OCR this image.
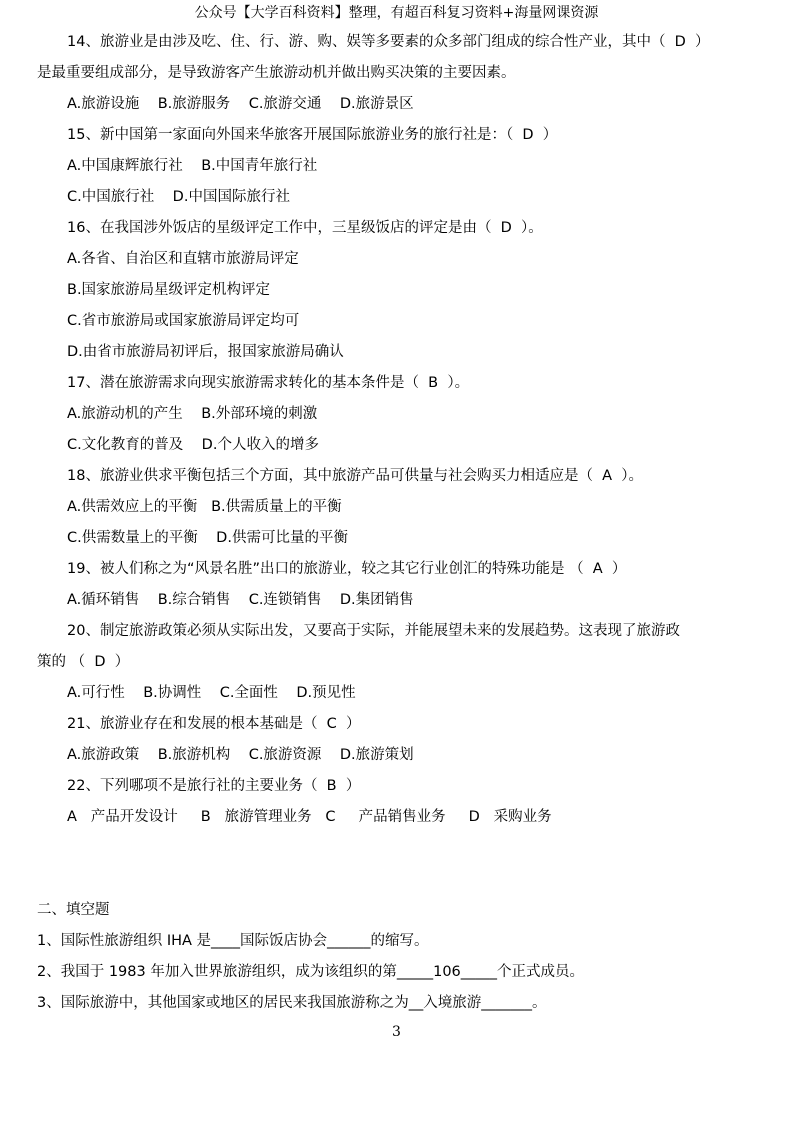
公众号【大学百科资料】整理，有超百科复习资料+海量网课资源
14、旅游业是由涉及吃、住、行、游、购、娱等多要素的众多部门组成的综合性产业，其中（  D  ）
是最重要组成部分，是导致游客产生旅游动机并做出购买决策的主要因素。
A.旅游设施    B.旅游服务    C.旅游交通    D.旅游景区
15、新中国第一家面向外国来华旅客开展国际旅游业务的旅行社是：（  D  ）
A.中国康辉旅行社    B.中国青年旅行社
C.中国旅行社    D.中国国际旅行社
16、在我国涉外饭店的星级评定工作中，三星级饭店的评定是由（  D  ）。
A.各省、自治区和直辖市旅游局评定
B.国家旅游局星级评定机构评定
C.省市旅游局或国家旅游局评定均可
D.由省市旅游局初评后，报国家旅游局确认
17、潜在旅游需求向现实旅游需求转化的基本条件是（  B  ）。
A.旅游动机的产生    B.外部环境的刺激
C.文化教育的普及    D.个人收入的增多
18、旅游业供求平衡包括三个方面，其中旅游产品可供量与社会购买力相适应是（  A  ）。
A.供需效应上的平衡   B.供需质量上的平衡
C.供需数量上的平衡    D.供需可比量的平衡
19、被人们称之为“风景名胜”出口的旅游业，较之其它行业创汇的特殊功能是 （  A  ）
A.循环销售    B.综合销售    C.连锁销售    D.集团销售
20、制定旅游政策必须从实际出发，又要高于实际，并能展望未来的发展趋势。这表现了旅游政
策的 （  D  ）
A.可行性    B.协调性    C.全面性    D.预见性
21、旅游业存在和发展的根本基础是（  C  ）
A.旅游政策    B.旅游机构    C.旅游资源    D.旅游策划
22、下列哪项不是旅行社的主要业务（  B  ）
A   产品开发设计     B   旅游管理业务   C     产品销售业务     D   采购业务
二、填空题
1、国际性旅游组织 IHA 是____国际饭店协会______的缩写。
2、我国于 1983 年加入世界旅游组织，成为该组织的第_____106_____个正式成员。
3、国际旅游中，其他国家或地区的居民来我国旅游称之为__入境旅游_______。
3
